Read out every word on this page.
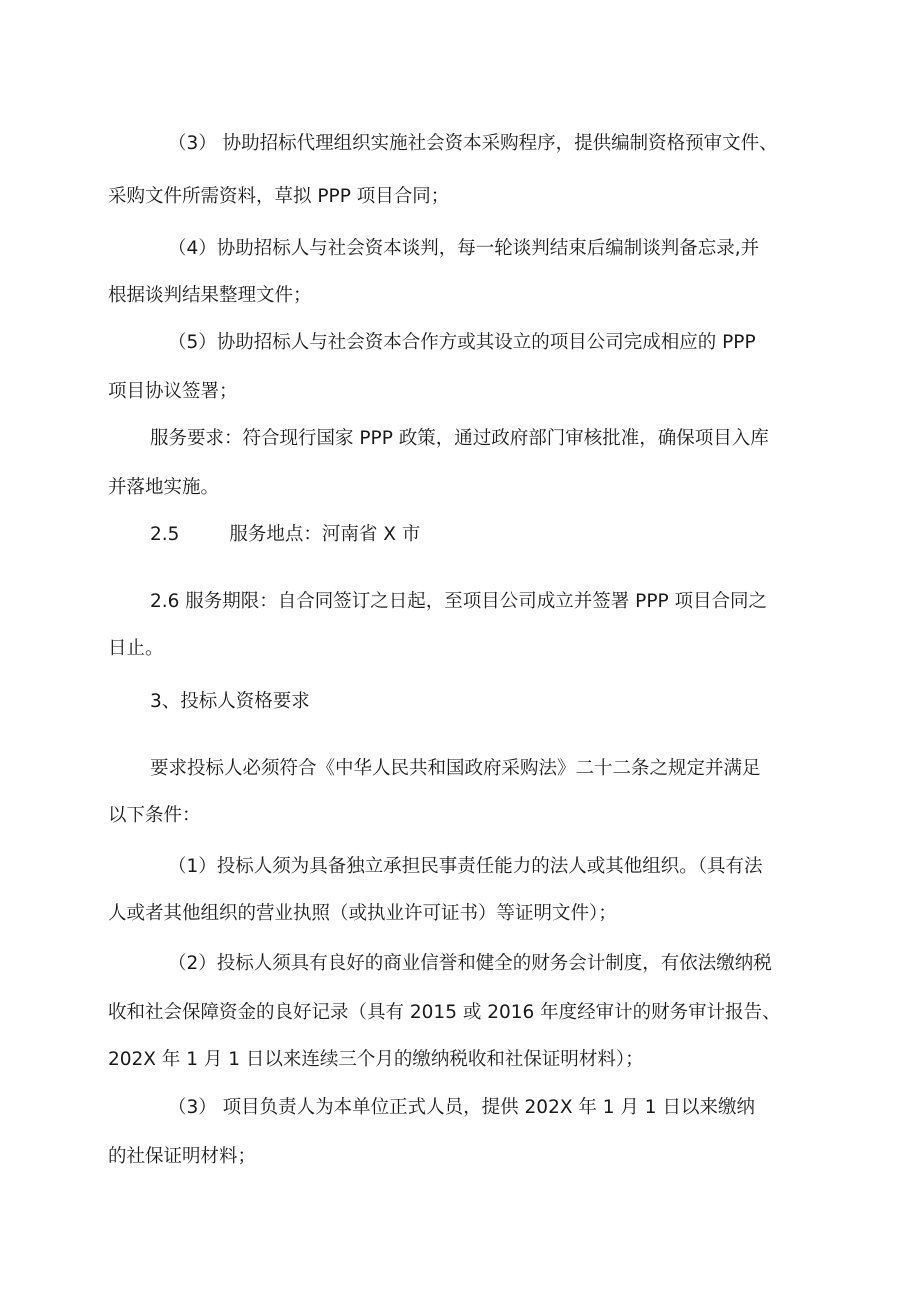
（3） 协助招标代理组织实施社会资本采购程序，提供编制资格预审文件、
采购文件所需资料，草拟 PPP 项目合同；
（4）协助招标人与社会资本谈判，每一轮谈判结束后编制谈判备忘录,并
根据谈判结果整理文件；
（5）协助招标人与社会资本合作方或其设立的项目公司完成相应的 PPP
项目协议签署；
服务要求：符合现行国家 PPP 政策，通过政府部门审核批准，确保项目入库
并落地实施。
2.5	服务地点：河南省 X 市
2.6 服务期限：自合同签订之日起，至项目公司成立并签署 PPP 项目合同之
日止。
3、投标人资格要求
要求投标人必须符合《中华人民共和国政府采购法》二十二条之规定并满足
以下条件：
（1）投标人须为具备独立承担民事责任能力的法人或其他组织。（具有法
人或者其他组织的营业执照（或执业许可证书）等证明文件）；
（2）投标人须具有良好的商业信誉和健全的财务会计制度，有依法缴纳税
收和社会保障资金的良好记录（具有 2015 或 2016 年度经审计的财务审计报告、
202X 年 1 月 1 日以来连续三个月的缴纳税收和社保证明材料）；
（3） 项目负责人为本单位正式人员，提供 202X 年 1 月 1 日以来缴纳
的社保证明材料；
